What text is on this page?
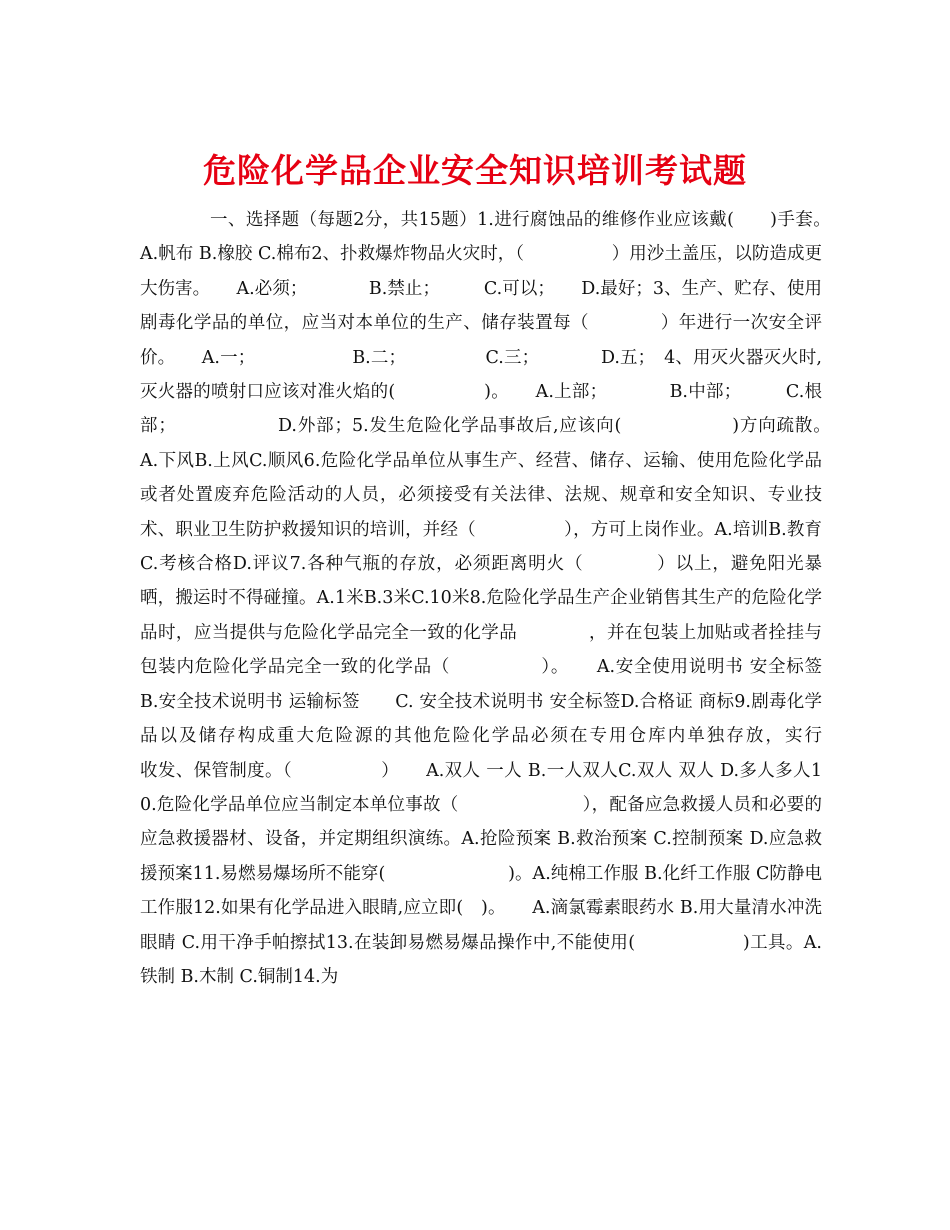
危险化学品企业安全知识培训考试题

一、选择题（每题2分，共15题）1.进行腐蚀品的维修作业应该戴(　　)手套。　　A.帆布 B.橡胶 C.棉布2、扑救爆炸物品火灾时，（　　　　　）用沙土盖压，以防造成更大伤害。　　A.必须；　　　　B.禁止；　　　C.可以；　　D.最好；3、生产、贮存、使用剧毒化学品的单位，应当对本单位的生产、储存装置每（　　　　）年进行一次安全评价。　　A.一；　　　　　　B.二；　　　　　C.三；　　　　D.五；　4、用灭火器灭火时,灭火器的喷射口应该对准火焰的(　　　　　)。　　A.上部；　　　　B.中部；　　　C.根部；　　　　　　D.外部；5.发生危险化学品事故后,应该向(　　　　　　)方向疏散。　　A.下风B.上风C.顺风6.危险化学品单位从事生产、经营、储存、运输、使用危险化学品或者处置废弃危险活动的人员，必须接受有关法律、法规、规章和安全知识、专业技术、职业卫生防护救援知识的培训，并经（　　　　　），方可上岗作业。A.培训B.教育C.考核合格D.评议7.各种气瓶的存放，必须距离明火（　　　　）以上，避免阳光暴晒，搬运时不得碰撞。A.1米B.3米C.10米8.危险化学品生产企业销售其生产的危险化学品时，应当提供与危险化学品完全一致的化学品　　　　，并在包装上加贴或者拴挂与包装内危险化学品完全一致的化学品（　　　　　）。　　A.安全使用说明书 安全标签　　B.安全技术说明书 运输标签　　C. 安全技术说明书 安全标签D.合格证 商标9.剧毒化学品以及储存构成重大危险源的其他危险化学品必须在专用仓库内单独存放，实行　　　　收发、保管制度。（　　　　　）　　A.双人 一人 B.一人双人C.双人 双人 D.多人多人10.危险化学品单位应当制定本单位事故（　　　　　　　），配备应急救援人员和必要的应急救援器材、设备，并定期组织演练。A.抢险预案 B.救治预案 C.控制预案 D.应急救援预案11.易燃易爆场所不能穿(　　　　　　　)。A.纯棉工作服 B.化纤工作服 C防静电工作服12.如果有化学品进入眼睛,应立即(　)。　　A.滴氯霉素眼药水 B.用大量清水冲洗眼睛 C.用干净手帕擦拭13.在装卸易燃易爆品操作中,不能使用(　　　　　　)工具。A.铁制 B.木制 C.铜制14.为
